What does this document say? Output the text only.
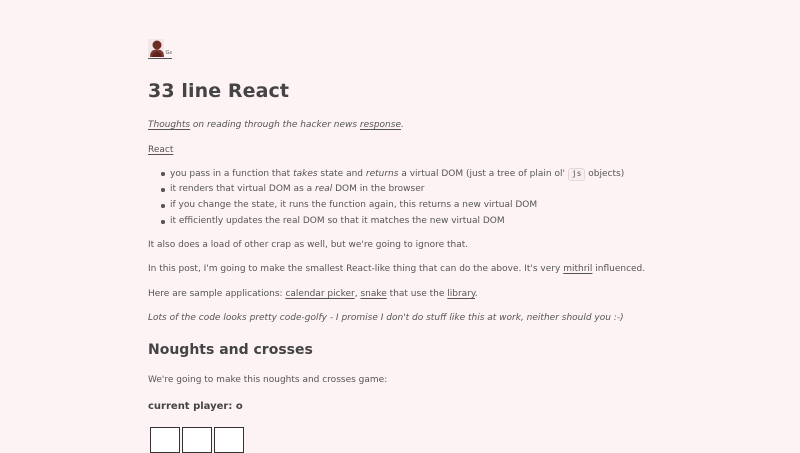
Gs
33 line React

Thoughts on reading through the hacker news response.

React

you pass in a function that takes state and returns a virtual DOM (just a tree of plain ol' js objects)
it renders that virtual DOM as a real DOM in the browser
if you change the state, it runs the function again, this returns a new virtual DOM
it efficiently updates the real DOM so that it matches the new virtual DOM

It also does a load of other crap as well, but we're going to ignore that.

In this post, I'm going to make the smallest React-like thing that can do the above. It's very mithril influenced.

Here are sample applications: calendar picker, snake that use the library.

Lots of the code looks pretty code-golfy - I promise I don't do stuff like this at work, neither should you :-)

Noughts and crosses

We're going to make this noughts and crosses game:

current player: o
